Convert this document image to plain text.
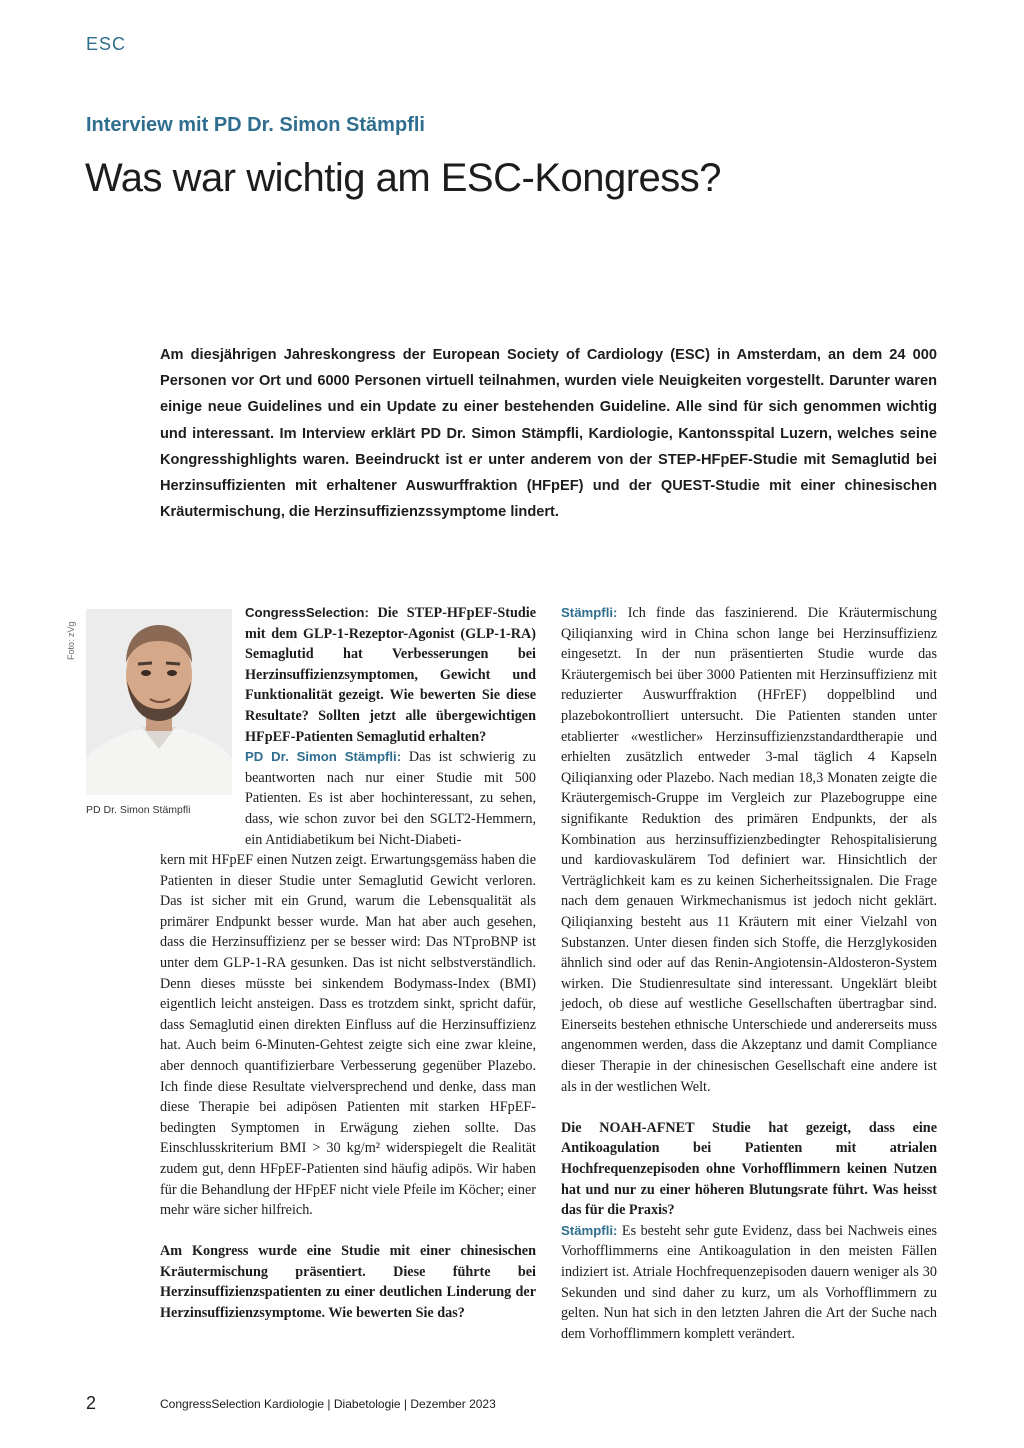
ESC
Interview mit PD Dr. Simon Stämpfli
Was war wichtig am ESC-Kongress?
Am diesjährigen Jahreskongress der European Society of Cardiology (ESC) in Amsterdam, an dem 24 000 Personen vor Ort und 6000 Personen virtuell teilnahmen, wurden viele Neuigkeiten vorgestellt. Darunter waren einige neue Guidelines und ein Update zu einer bestehenden Guideline. Alle sind für sich genommen wichtig und interessant. Im Interview erklärt PD Dr. Simon Stämpfli, Kardiologie, Kantonsspital Luzern, welches seine Kongresshighlights waren. Beeindruckt ist er unter anderem von der STEP-HFpEF-Studie mit Semaglutid bei Herzinsuffizienten mit erhaltener Auswurffraktion (HFpEF) und der QUEST-Studie mit einer chinesischen Kräutermischung, die Herzinsuffizienzssymptome lindert.
Foto: zVg
PD Dr. Simon Stämpfli

CongressSelection: Die STEP-HFpEF-Studie mit dem GLP-1-Rezeptor-Agonist (GLP-1-RA) Semaglutid hat Verbesserungen bei Herzinsuffizienzsymptomen, Gewicht und Funktionalität gezeigt. Wie bewerten Sie diese Resultate? Sollten jetzt alle übergewichtigen HFpEF-Patienten Semaglutid erhalten?

PD Dr. Simon Stämpfli: Das ist schwierig zu beantworten nach nur einer Studie mit 500 Patienten. Es ist aber hochinteressant, zu sehen, dass, wie schon zuvor bei den SGLT2-Hemmern, ein Antidiabetikum bei Nicht-Diabeti-

kern mit HFpEF einen Nutzen zeigt. Erwartungsgemäss haben die Patienten in dieser Studie unter Semaglutid Gewicht verloren. Das ist sicher mit ein Grund, warum die Lebensqualität als primärer Endpunkt besser wurde. Man hat aber auch gesehen, dass die Herzinsuffizienz per se besser wird: Das NTproBNP ist unter dem GLP-1-RA gesunken. Das ist nicht selbstverständlich. Denn dieses müsste bei sinkendem Bodymass-Index (BMI) eigentlich leicht ansteigen. Dass es trotzdem sinkt, spricht dafür, dass Semaglutid einen direkten Einfluss auf die Herzinsuffizienz hat. Auch beim 6-Minuten-Gehtest zeigte sich eine zwar kleine, aber dennoch quantifizierbare Verbesserung gegenüber Plazebo. Ich finde diese Resultate vielversprechend und denke, dass man diese Therapie bei adipösen Patienten mit starken HFpEF-bedingten Symptomen in Erwägung ziehen sollte. Das Einschlusskriterium BMI > 30 kg/m² widerspiegelt die Realität zudem gut, denn HFpEF-Patienten sind häufig adipös. Wir haben für die Behandlung der HFpEF nicht viele Pfeile im Köcher; einer mehr wäre sicher hilfreich.

Am Kongress wurde eine Studie mit einer chinesischen Kräutermischung präsentiert. Diese führte bei Herzinsuffizienzspatienten zu einer deutlichen Linderung der Herzinsuffizienzsymptome. Wie bewerten Sie das?

Stämpfli: Ich finde das faszinierend. Die Kräutermischung Qiliqianxing wird in China schon lange bei Herzinsuffizienz eingesetzt. In der nun präsentierten Studie wurde das Kräutergemisch bei über 3000 Patienten mit Herzinsuffizienz mit reduzierter Auswurffraktion (HFrEF) doppelblind und plazebokontrolliert untersucht. Die Patienten standen unter etablierter «westlicher» Herzinsuffizienzstandardtherapie und erhielten zusätzlich entweder 3-mal täglich 4 Kapseln Qiliqianxing oder Plazebo. Nach median 18,3 Monaten zeigte die Kräutergemisch-Gruppe im Vergleich zur Plazebogruppe eine signifikante Reduktion des primären Endpunkts, der als Kombination aus herzinsuffizienzbedingter Rehospitalisierung und kardiovaskulärem Tod definiert war. Hinsichtlich der Verträglichkeit kam es zu keinen Sicherheitssignalen. Die Frage nach dem genauen Wirkmechanismus ist jedoch nicht geklärt. Qiliqianxing besteht aus 11 Kräutern mit einer Vielzahl von Substanzen. Unter diesen finden sich Stoffe, die Herzglykosiden ähnlich sind oder auf das Renin-Angiotensin-Aldosteron-System wirken. Die Studienresultate sind interessant. Ungeklärt bleibt jedoch, ob diese auf westliche Gesellschaften übertragbar sind. Einerseits bestehen ethnische Unterschiede und andererseits muss angenommen werden, dass die Akzeptanz und damit Compliance dieser Therapie in der chinesischen Gesellschaft eine andere ist als in der westlichen Welt.

Die NOAH-AFNET Studie hat gezeigt, dass eine Antikoagulation bei Patienten mit atrialen Hochfrequenzepisoden ohne Vorhofflimmern keinen Nutzen hat und nur zu einer höheren Blutungsrate führt. Was heisst das für die Praxis?

Stämpfli: Es besteht sehr gute Evidenz, dass bei Nachweis eines Vorhofflimmerns eine Antikoagulation in den meisten Fällen indiziert ist. Atriale Hochfrequenzepisoden dauern weniger als 30 Sekunden und sind daher zu kurz, um als Vorhofflimmern zu gelten. Nun hat sich in den letzten Jahren die Art der Suche nach dem Vorhofflimmern komplett verändert.

2	CongressSelection Kardiologie | Diabetologie | Dezember 2023
